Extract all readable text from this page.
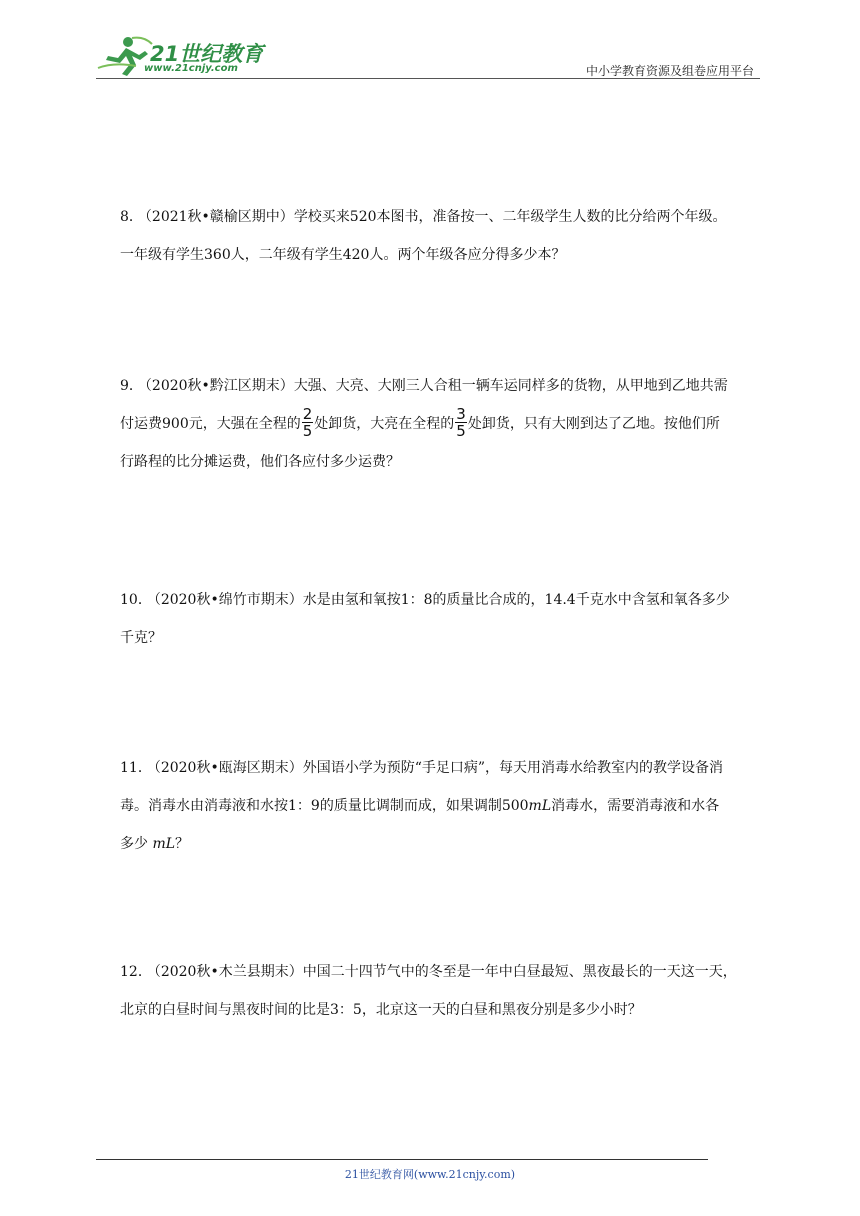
21世纪教育
www.21cnjy.com	中小学教育资源及组卷应用平台
8． （2021秋•赣榆区期中）学校买来520本图书，准备按一、二年级学生人数的比分给两个年级。
一年级有学生360人，二年级有学生420人。两个年级各应分得多少本？
9． （2020秋•黔江区期末）大强、大亮、大刚三人合租一辆车运同样多的货物，从甲地到乙地共需
付运费900元，大强在全程的 $\frac{2}{5}$ 处卸货，大亮在全程的 $\frac{3}{5}$ 处卸货，只有大刚到达了乙地。按他们所
行路程的比分摊运费，他们各应付多少运费？
10． （2020秋•绵竹市期末）水是由氢和氧按1：8的质量比合成的，14.4千克水中含氢和氧各多少
千克？
11． （2020秋•瓯海区期末）外国语小学为预防“手足口病”，每天用消毒水给教室内的教学设备消
毒。消毒水由消毒液和水按1：9的质量比调制而成，如果调制500mL消毒水，需要消毒液和水各
多少 mL？
12． （2020秋•木兰县期末）中国二十四节气中的冬至是一年中白昼最短、黑夜最长的一天这一天，
北京的白昼时间与黑夜时间的比是3：5，北京这一天的白昼和黑夜分别是多少小时？
21世纪教育网(www.21cnjy.com)
